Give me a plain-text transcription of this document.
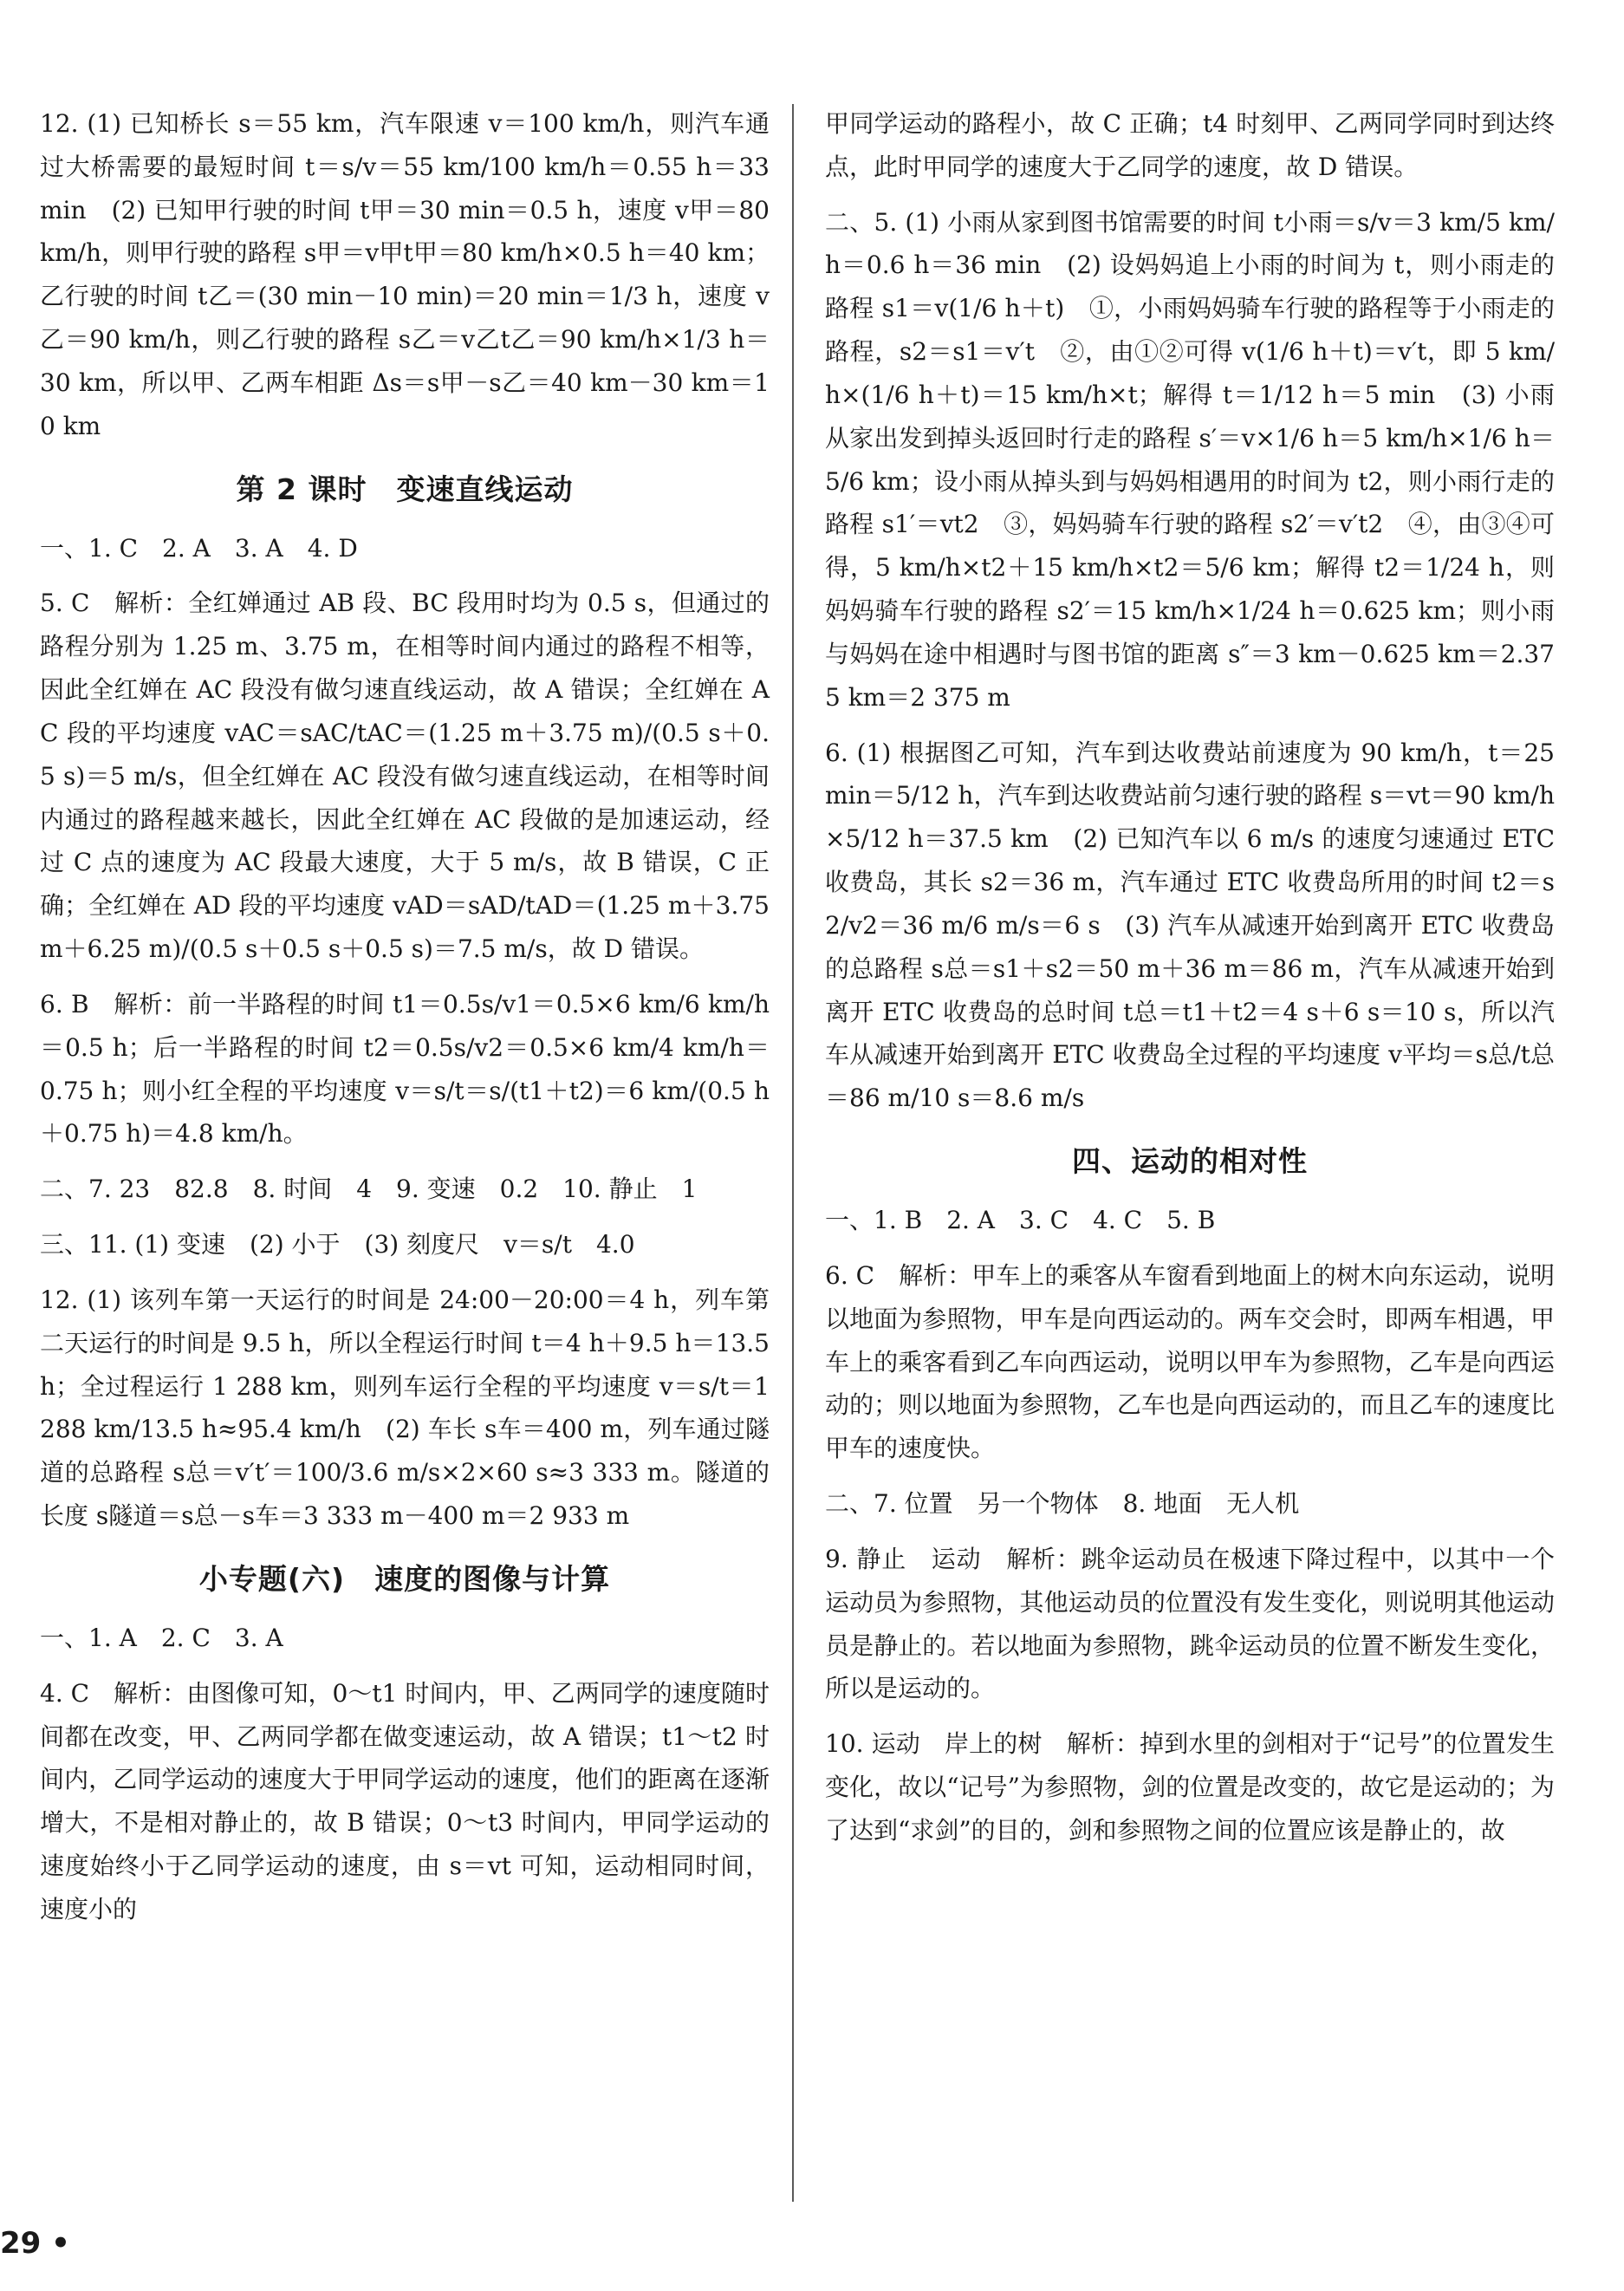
12. (1) 已知桥长 s＝55 km，汽车限速 v＝100 km/h，则汽车通过大桥需要的最短时间 t＝s/v＝55 km/100 km/h＝0.55 h＝33 min　(2) 已知甲行驶的时间 t甲＝30 min＝0.5 h，速度 v甲＝80 km/h，则甲行驶的路程 s甲＝v甲t甲＝80 km/h×0.5 h＝40 km；乙行驶的时间 t乙＝(30 min－10 min)＝20 min＝1/3 h，速度 v乙＝90 km/h，则乙行驶的路程 s乙＝v乙t乙＝90 km/h×1/3 h＝30 km，所以甲、乙两车相距 Δs＝s甲－s乙＝40 km－30 km＝10 km

第 2 课时　变速直线运动

一、1. C　2. A　3. A　4. D

5. C　解析：全红婵通过 AB 段、BC 段用时均为 0.5 s，但通过的路程分别为 1.25 m、3.75 m，在相等时间内通过的路程不相等，因此全红婵在 AC 段没有做匀速直线运动，故 A 错误；全红婵在 AC 段的平均速度 vAC＝sAC/tAC＝(1.25 m＋3.75 m)/(0.5 s＋0.5 s)＝5 m/s，但全红婵在 AC 段没有做匀速直线运动，在相等时间内通过的路程越来越长，因此全红婵在 AC 段做的是加速运动，经过 C 点的速度为 AC 段最大速度，大于 5 m/s，故 B 错误，C 正确；全红婵在 AD 段的平均速度 vAD＝sAD/tAD＝(1.25 m＋3.75 m＋6.25 m)/(0.5 s＋0.5 s＋0.5 s)＝7.5 m/s，故 D 错误。

6. B　解析：前一半路程的时间 t1＝0.5s/v1＝0.5×6 km/6 km/h＝0.5 h；后一半路程的时间 t2＝0.5s/v2＝0.5×6 km/4 km/h＝0.75 h；则小红全程的平均速度 v＝s/t＝s/(t1＋t2)＝6 km/(0.5 h＋0.75 h)＝4.8 km/h。

二、7. 23　82.8　8. 时间　4　9. 变速　0.2　10. 静止　1

三、11. (1) 变速　(2) 小于　(3) 刻度尺　v＝s/t　4.0

12. (1) 该列车第一天运行的时间是 24:00－20:00＝4 h，列车第二天运行的时间是 9.5 h，所以全程运行时间 t＝4 h＋9.5 h＝13.5 h；全过程运行 1 288 km，则列车运行全程的平均速度 v＝s/t＝1 288 km/13.5 h≈95.4 km/h　(2) 车长 s车＝400 m，列车通过隧道的总路程 s总＝v′t′＝100/3.6 m/s×2×60 s≈3 333 m。隧道的长度 s隧道＝s总－s车＝3 333 m－400 m＝2 933 m

小专题(六)　速度的图像与计算

一、1. A　2. C　3. A

4. C　解析：由图像可知，0～t1 时间内，甲、乙两同学的速度随时间都在改变，甲、乙两同学都在做变速运动，故 A 错误；t1～t2 时间内，乙同学运动的速度大于甲同学运动的速度，他们的距离在逐渐增大，不是相对静止的，故 B 错误；0～t3 时间内，甲同学运动的速度始终小于乙同学运动的速度，由 s＝vt 可知，运动相同时间，速度小的

甲同学运动的路程小，故 C 正确；t4 时刻甲、乙两同学同时到达终点，此时甲同学的速度大于乙同学的速度，故 D 错误。

二、5. (1) 小雨从家到图书馆需要的时间 t小雨＝s/v＝3 km/5 km/h＝0.6 h＝36 min　(2) 设妈妈追上小雨的时间为 t，则小雨走的路程 s1＝v(1/6 h＋t)　①，小雨妈妈骑车行驶的路程等于小雨走的路程，s2＝s1＝v′t　②，由①②可得 v(1/6 h＋t)＝v′t，即 5 km/h×(1/6 h＋t)＝15 km/h×t；解得 t＝1/12 h＝5 min　(3) 小雨从家出发到掉头返回时行走的路程 s′＝v×1/6 h＝5 km/h×1/6 h＝5/6 km；设小雨从掉头到与妈妈相遇用的时间为 t2，则小雨行走的路程 s1′＝vt2　③，妈妈骑车行驶的路程 s2′＝v′t2　④，由③④可得，5 km/h×t2＋15 km/h×t2＝5/6 km；解得 t2＝1/24 h，则妈妈骑车行驶的路程 s2′＝15 km/h×1/24 h＝0.625 km；则小雨与妈妈在途中相遇时与图书馆的距离 s″＝3 km－0.625 km＝2.375 km＝2 375 m

6. (1) 根据图乙可知，汽车到达收费站前速度为 90 km/h，t＝25 min＝5/12 h，汽车到达收费站前匀速行驶的路程 s＝vt＝90 km/h×5/12 h＝37.5 km　(2) 已知汽车以 6 m/s 的速度匀速通过 ETC 收费岛，其长 s2＝36 m，汽车通过 ETC 收费岛所用的时间 t2＝s2/v2＝36 m/6 m/s＝6 s　(3) 汽车从减速开始到离开 ETC 收费岛的总路程 s总＝s1＋s2＝50 m＋36 m＝86 m，汽车从减速开始到离开 ETC 收费岛的总时间 t总＝t1＋t2＝4 s＋6 s＝10 s，所以汽车从减速开始到离开 ETC 收费岛全过程的平均速度 v平均＝s总/t总＝86 m/10 s＝8.6 m/s

四、运动的相对性

一、1. B　2. A　3. C　4. C　5. B

6. C　解析：甲车上的乘客从车窗看到地面上的树木向东运动，说明以地面为参照物，甲车是向西运动的。两车交会时，即两车相遇，甲车上的乘客看到乙车向西运动，说明以甲车为参照物，乙车是向西运动的；则以地面为参照物，乙车也是向西运动的，而且乙车的速度比甲车的速度快。

二、7. 位置　另一个物体　8. 地面　无人机

9. 静止　运动　解析：跳伞运动员在极速下降过程中，以其中一个运动员为参照物，其他运动员的位置没有发生变化，则说明其他运动员是静止的。若以地面为参照物，跳伞运动员的位置不断发生变化，所以是运动的。

10. 运动　岸上的树　解析：掉到水里的剑相对于“记号”的位置发生变化，故以“记号”为参照物，剑的位置是改变的，故它是运动的；为了达到“求剑”的目的，剑和参照物之间的位置应该是静止的，故

29 •
